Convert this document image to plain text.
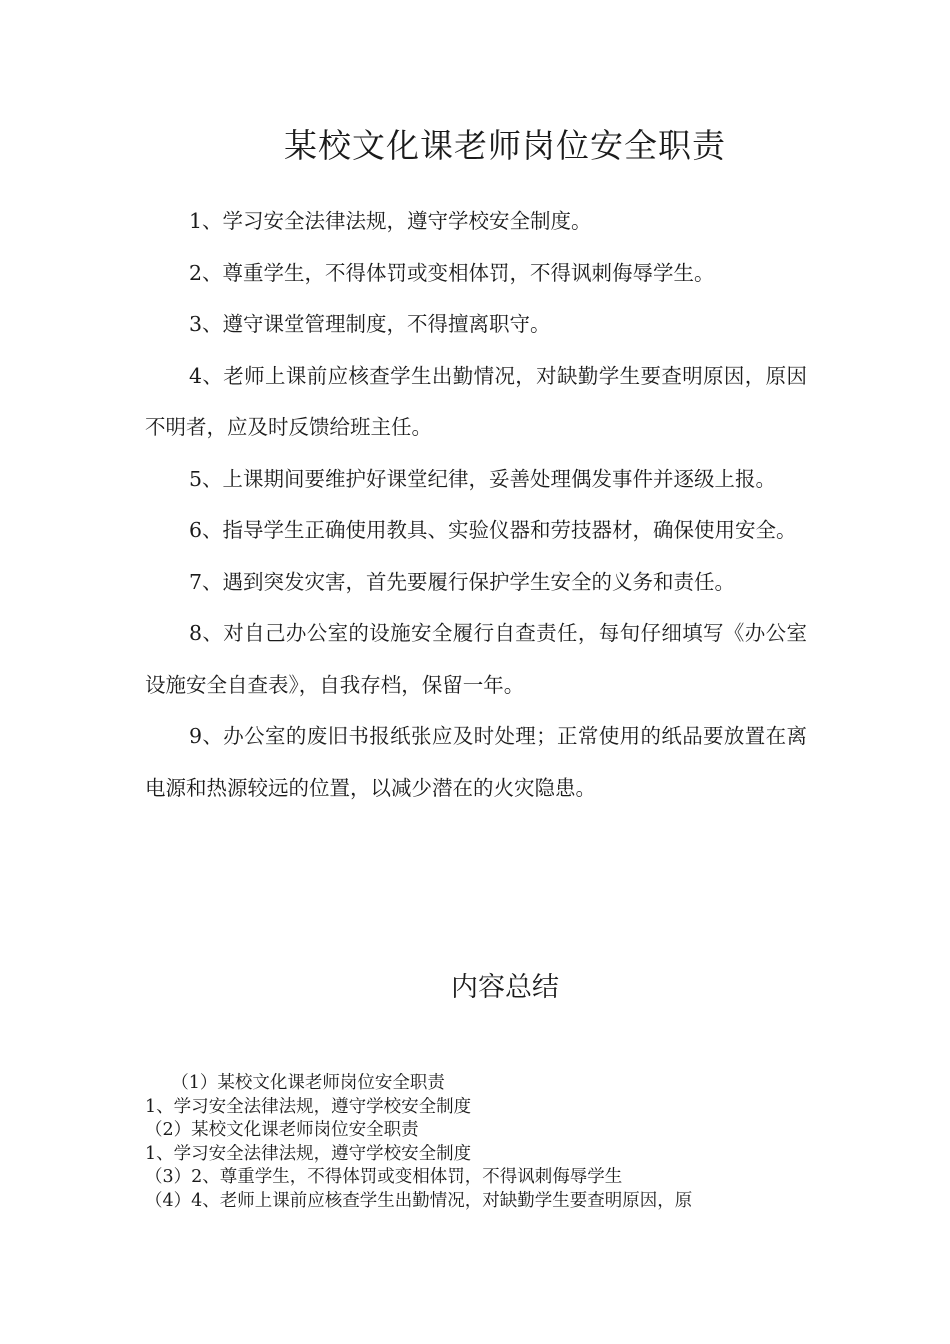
某校文化课老师岗位安全职责

1、学习安全法律法规，遵守学校安全制度。

2、尊重学生，不得体罚或变相体罚，不得讽刺侮辱学生。

3、遵守课堂管理制度，不得擅离职守。

4、老师上课前应核查学生出勤情况，对缺勤学生要查明原因，原因不明者，应及时反馈给班主任。

5、上课期间要维护好课堂纪律，妥善处理偶发事件并逐级上报。

6、指导学生正确使用教具、实验仪器和劳技器材，确保使用安全。

7、遇到突发灾害，首先要履行保护学生安全的义务和责任。

8、对自己办公室的设施安全履行自查责任，每旬仔细填写《办公室设施安全自查表》，自我存档，保留一年。

9、办公室的废旧书报纸张应及时处理；正常使用的纸品要放置在离电源和热源较远的位置，以减少潜在的火灾隐患。

内容总结
　　（1）某校文化课老师岗位安全职责
1、学习安全法律法规，遵守学校安全制度
（2）某校文化课老师岗位安全职责
1、学习安全法律法规，遵守学校安全制度
（3）2、尊重学生，不得体罚或变相体罚，不得讽刺侮辱学生
（4）4、老师上课前应核查学生出勤情况，对缺勤学生要查明原因，原
